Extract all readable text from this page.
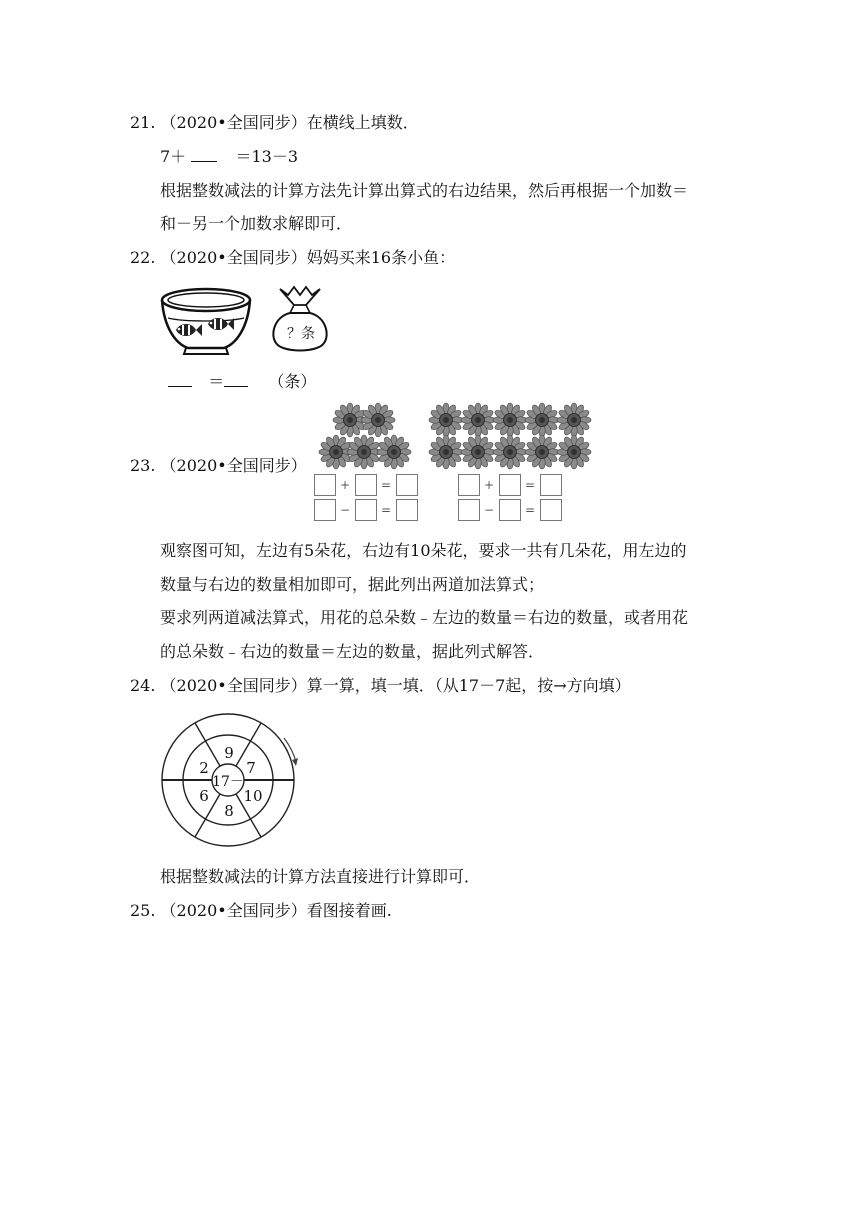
21. （2020•全国同步）在横线上填数．
7＋	＝13－3
根据整数减法的计算方法先计算出算式的右边结果，然后再根据一个加数＝
和－另一个加数求解即可．
22. （2020•全国同步）妈妈买来16条小鱼：
？条
＝	（条）
23. （2020•全国同步）
+	=
−	=
+	=
−	=
观察图可知，左边有5朵花，右边有10朵花，要求一共有几朵花，用左边的
数量与右边的数量相加即可，据此列出两道加法算式；
要求列两道减法算式，用花的总朵数﹣左边的数量＝右边的数量，或者用花
的总朵数﹣右边的数量＝左边的数量，据此列式解答．
24. （2020•全国同步）算一算，填一填．（从17－7起，按→方向填）
17－
9
7
10
8
6
2
根据整数减法的计算方法直接进行计算即可．
25. （2020•全国同步）看图接着画.
